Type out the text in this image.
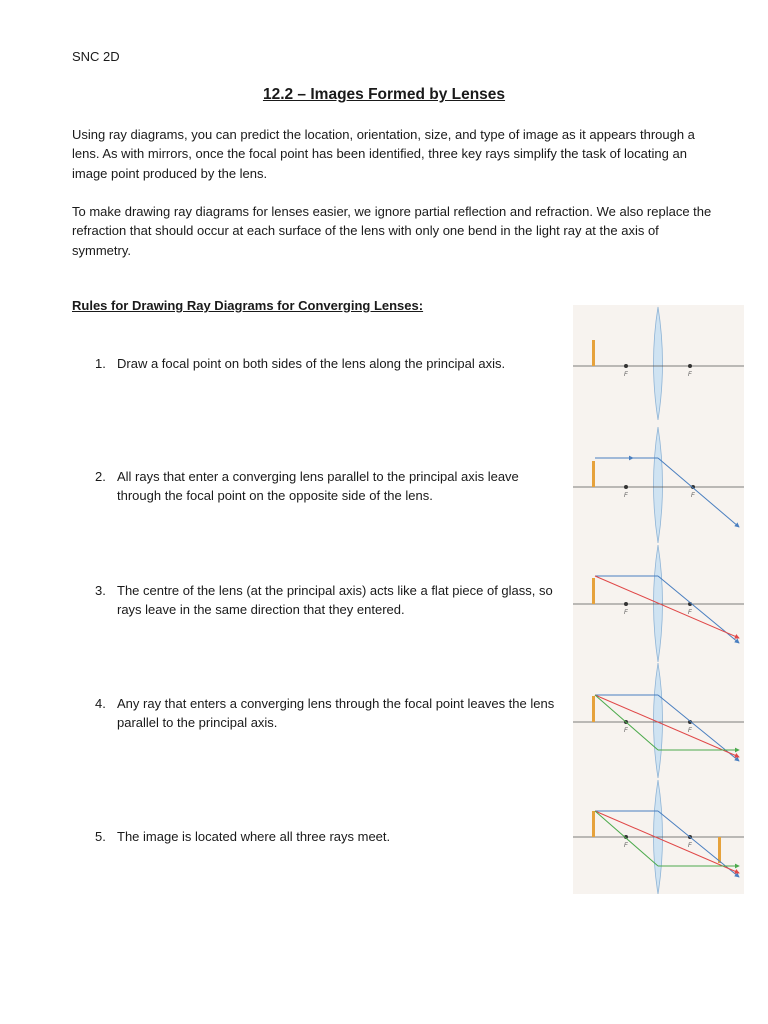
SNC 2D
12.2 – Images Formed by Lenses
Using ray diagrams, you can predict the location, orientation, size, and type of image as it appears through a lens. As with mirrors, once the focal point has been identified, three key rays simplify the task of locating an image point produced by the lens.
To make drawing ray diagrams for lenses easier, we ignore partial reflection and refraction. We also replace the refraction that should occur at each surface of the lens with only one bend in the light ray at the axis of symmetry.
Rules for Drawing Ray Diagrams for Converging Lenses:
1. Draw a focal point on both sides of the lens along the principal axis.
2. All rays that enter a converging lens parallel to the principal axis leave through the focal point on the opposite side of the lens.
3. The centre of the lens (at the principal axis) acts like a flat piece of glass, so rays leave in the same direction that they entered.
4. Any ray that enters a converging lens through the focal point leaves the lens parallel to the principal axis.
5. The image is located where all three rays meet.
F	F
F	F
F	F
F	F
F	F
